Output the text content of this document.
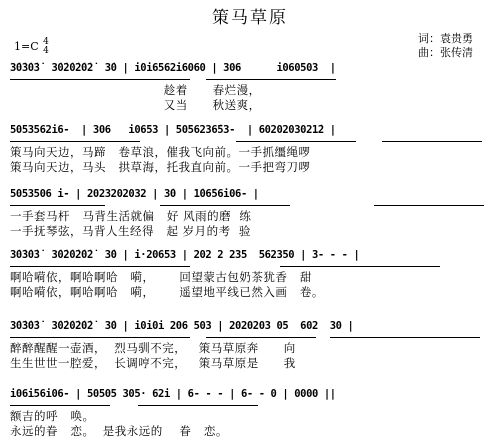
策马草原
词：袁贵勇
曲：张传清
1=C 4
4
3̇0̇3̇0̇3̇  3̇0̇2̇0̇2̇0̇2̇  3̇0 | i0i6562i6060 | 306      i060503  |
趁着      春烂漫，
又当      秋送爽，
5053562i6-  | 306   i0653 | 5056236̇53-  | 6020203021̇2 |
策马向天边，马蹄   卷草浪，催我飞向前。一手抓缰绳啰
策马向天边，马头   拱草海，托我直向前。一手把弯刀啰
5053506 i- | 2023202032 | 3̇0 | 1̇06̇56i06- |
一手套马杆   马背生活就偏   好 风雨的磨  练
一手抚琴弦，马背人生经得   起 岁月的考  验
3̇0̇3̇0̇3̇  3̇0̇2̇0̇2̇0̇2̇  3̇0 | i·20653 | 202 2 235  562350 | 3- - - |
啊哈嗬依，啊哈啊哈   嗬，      回望蒙古包奶茶犹香   甜
啊哈嗬依，啊哈啊哈   嗬，      遥望地平线已然入画   卷。
3̇0̇3̇0̇3̇  3̇0̇2̇0̇2̇0̇2̇  3̇0 | i0i0i 206 503 | 2020203 05  602  30 |
醉醉醒醒一壶酒，  烈马驯不完，   策马草原奔      向
生生世世一腔爱，  长调哼不完，   策马草原是      我
i06i56i06- | 50505 305· 62i | 6- - - | 6- - 0 | 0000 ||
额吉的呼   唤。
永远的眷   恋。  是我永远的    眷   恋。
